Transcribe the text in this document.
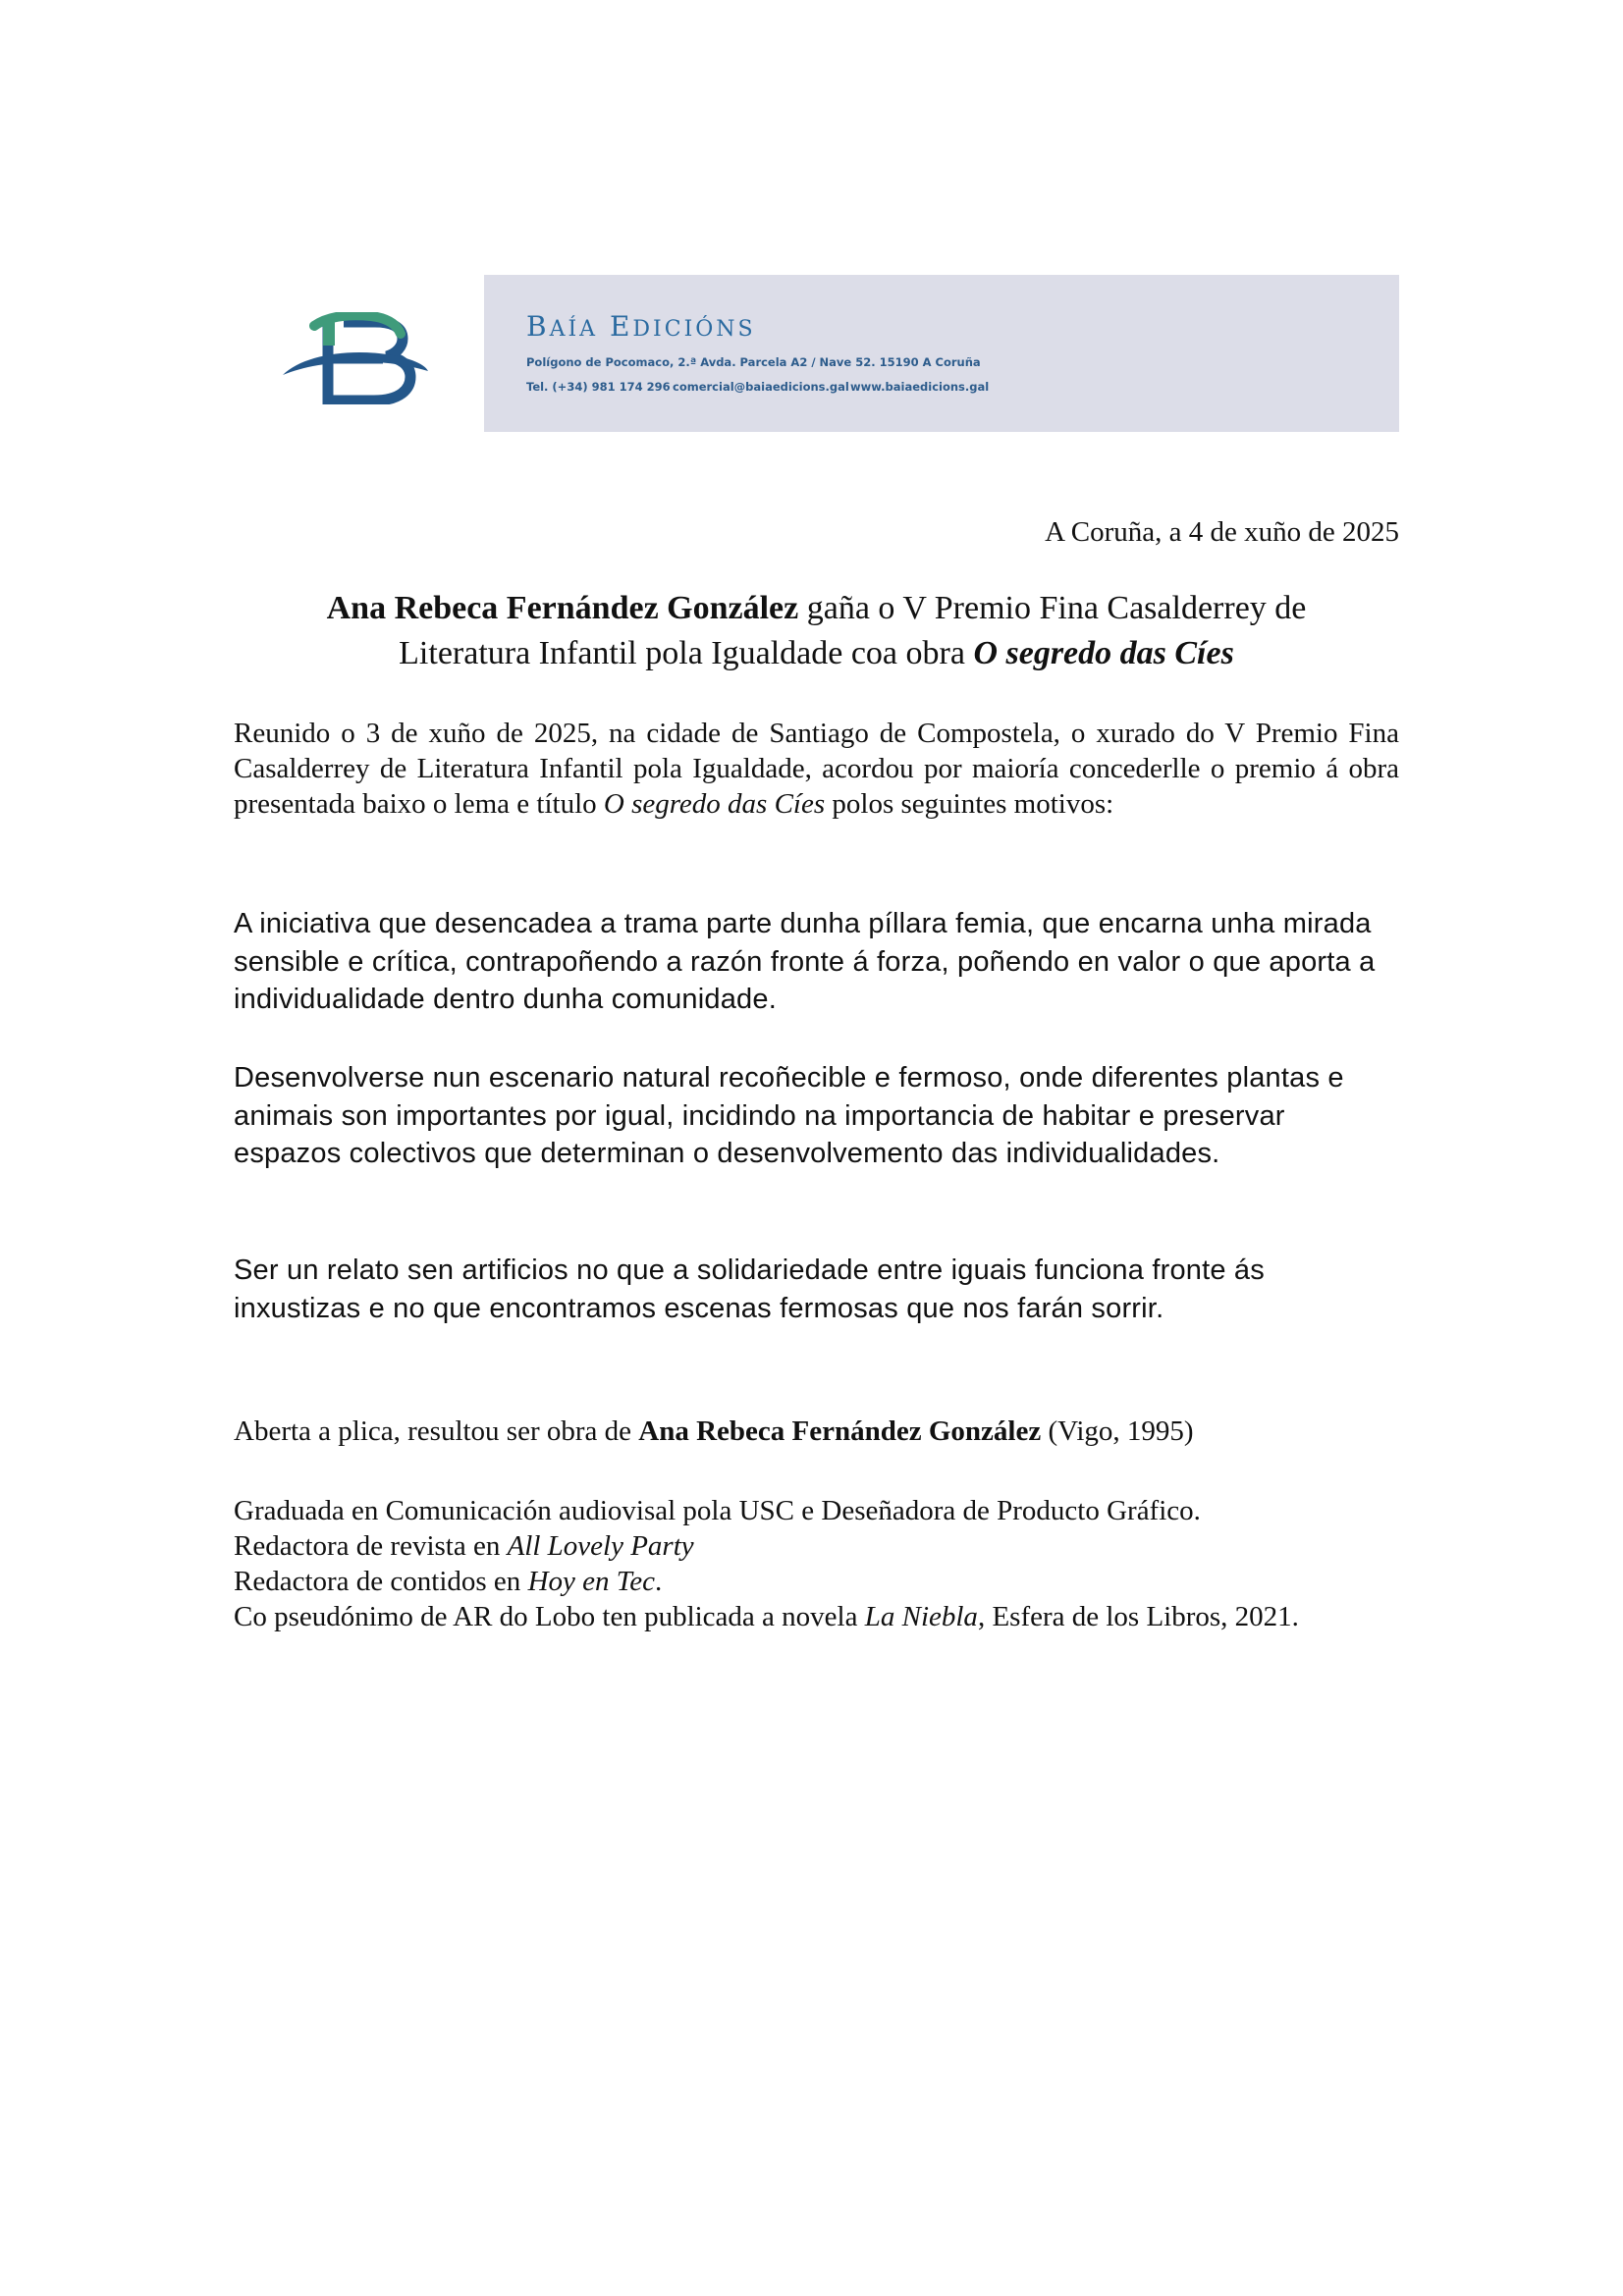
BAÍA EDICIÓNS
Polígono de Pocomaco, 2.ª Avda. Parcela A2 / Nave 52. 15190 A Coruña
Tel. (+34) 981 174 296 comercial@baiaedicions.gal www.baiaedicions.gal
A Coruña, a 4 de xuño de 2025
Ana Rebeca Fernández González gaña o V Premio Fina Casalderrey de
Literatura Infantil pola Igualdade coa obra O segredo das Cíes
Reunido o 3 de xuño de 2025, na cidade de Santiago de Compostela, o xurado do V Premio Fina Casalderrey de Literatura Infantil pola Igualdade, acordou por maioría concederlle o premio á obra presentada baixo o lema e título O segredo das Cíes polos seguintes motivos:
A iniciativa que desencadea a trama parte dunha píllara femia, que encarna unha mirada sensible e crítica, contrapoñendo a razón fronte á forza, poñendo en valor o que aporta a individualidade dentro dunha comunidade.
Desenvolverse nun escenario natural recoñecible e fermoso, onde diferentes plantas e animais son importantes por igual, incidindo na importancia de habitar e preservar espazos colectivos que determinan o desenvolvemento das individualidades.
Ser un relato sen artificios no que a solidariedade entre iguais funciona fronte ás inxustizas e no que encontramos escenas fermosas que nos farán sorrir.
Aberta a plica, resultou ser obra de Ana Rebeca Fernández González (Vigo, 1995)
Graduada en Comunicación audiovisal pola USC e Deseñadora de Producto Gráfico.
Redactora de revista en All Lovely Party
Redactora de contidos en Hoy en Tec.
Co pseudónimo de AR do Lobo ten publicada a novela La Niebla, Esfera de los Libros, 2021.
